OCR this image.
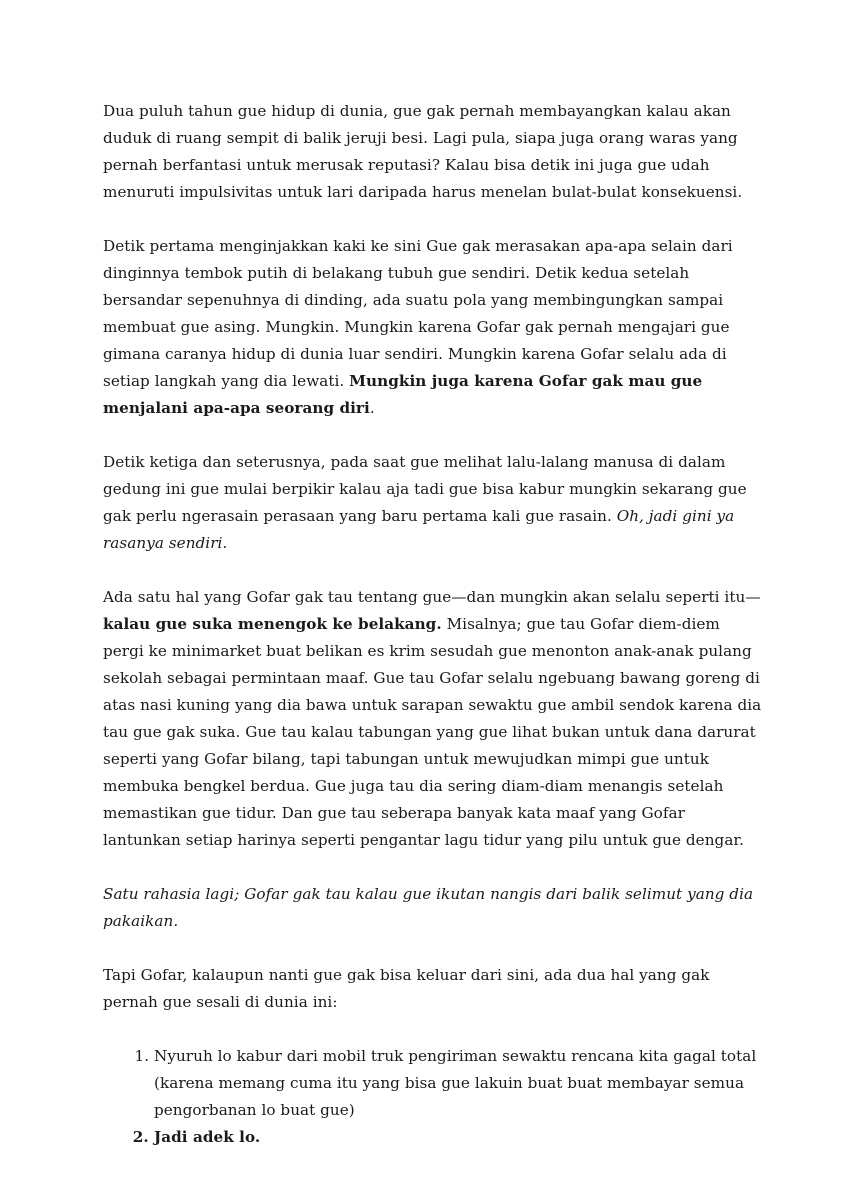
Dua puluh tahun gue hidup di dunia, gue gak pernah membayangkan kalau akan duduk di ruang sempit di balik jeruji besi. Lagi pula, siapa juga orang waras yang pernah berfantasi untuk merusak reputasi? Kalau bisa detik ini juga gue udah menuruti impulsivitas untuk lari daripada harus menelan bulat-bulat konsekuensi.

Detik pertama menginjakkan kaki ke sini Gue gak merasakan apa-apa selain dari dinginnya tembok putih di belakang tubuh gue sendiri. Detik kedua setelah bersandar sepenuhnya di dinding, ada suatu pola yang membingungkan sampai membuat gue asing. Mungkin. Mungkin karena Gofar gak pernah mengajari gue gimana caranya hidup di dunia luar sendiri. Mungkin karena Gofar selalu ada di setiap langkah yang dia lewati. Mungkin juga karena Gofar gak mau gue menjalani apa-apa seorang diri.

Detik ketiga dan seterusnya, pada saat gue melihat lalu-lalang manusa di dalam gedung ini gue mulai berpikir kalau aja tadi gue bisa kabur mungkin sekarang gue gak perlu ngerasain perasaan yang baru pertama kali gue rasain. Oh, jadi gini ya rasanya sendiri.

Ada satu hal yang Gofar gak tau tentang gue—dan mungkin akan selalu seperti itu—kalau gue suka menengok ke belakang. Misalnya; gue tau Gofar diem-diem pergi ke minimarket buat belikan es krim sesudah gue menonton anak-anak pulang sekolah sebagai permintaan maaf. Gue tau Gofar selalu ngebuang bawang goreng di atas nasi kuning yang dia bawa untuk sarapan sewaktu gue ambil sendok karena dia tau gue gak suka. Gue tau kalau tabungan yang gue lihat bukan untuk dana darurat seperti yang Gofar bilang, tapi tabungan untuk mewujudkan mimpi gue untuk membuka bengkel berdua. Gue juga tau dia sering diam-diam menangis setelah memastikan gue tidur. Dan gue tau seberapa banyak kata maaf yang Gofar lantunkan setiap harinya seperti pengantar lagu tidur yang pilu untuk gue dengar.

Satu rahasia lagi; Gofar gak tau kalau gue ikutan nangis dari balik selimut yang dia pakaikan.

Tapi Gofar, kalaupun nanti gue gak bisa keluar dari sini, ada dua hal yang gak pernah gue sesali di dunia ini:

1. Nyuruh lo kabur dari mobil truk pengiriman sewaktu rencana kita gagal total (karena memang cuma itu yang bisa gue lakuin buat buat membayar semua pengorbanan lo buat gue)
2. Jadi adek lo.
